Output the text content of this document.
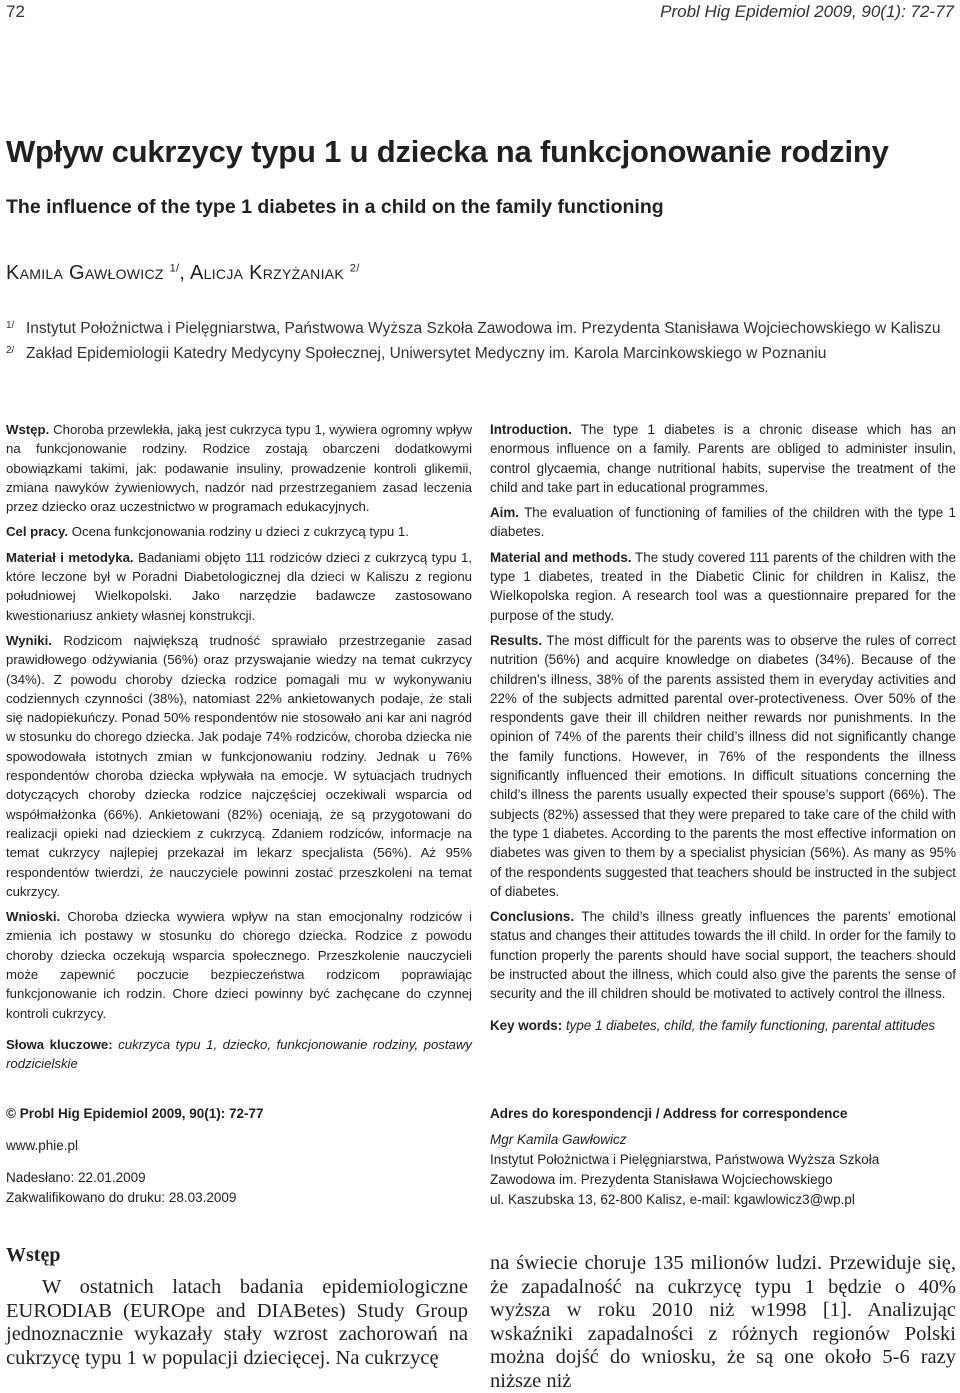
72	Probl Hig Epidemiol 2009, 90(1): 72-77
Wpływ cukrzycy typu 1 u dziecka na funkcjonowanie rodziny
The influence of the type 1 diabetes in a child on the family functioning
Kamila Gawłowicz $^{1/}$, Alicja Krzyżaniak $^{2/}$
1/ Instytut Położnictwa i Pielęgniarstwa, Państwowa Wyższa Szkoła Zawodowa im. Prezydenta Stanisława Wojciechowskiego w Kaliszu
2/ Zakład Epidemiologii Katedry Medycyny Społecznej, Uniwersytet Medyczny im. Karola Marcinkowskiego w Poznaniu

Wstęp. Choroba przewlekła, jaką jest cukrzyca typu 1, wywiera ogromny wpływ na funkcjonowanie rodziny. Rodzice zostają obarczeni dodatkowymi obowiązkami takimi, jak: podawanie insuliny, prowadzenie kontroli glikemii, zmiana nawyków żywieniowych, nadzór nad przestrzeganiem zasad leczenia przez dziecko oraz uczestnictwo w programach edukacyjnych.

Cel pracy. Ocena funkcjonowania rodziny u dzieci z cukrzycą typu 1.

Materiał i metodyka. Badaniami objęto 111 rodziców dzieci z cukrzycą typu 1, które leczone był w Poradni Diabetologicznej dla dzieci w Kaliszu z regionu południowej Wielkopolski. Jako narzędzie badawcze zastosowano kwestionariusz ankiety własnej konstrukcji.

Wyniki. Rodzicom największą trudność sprawiało przestrzeganie zasad prawidłowego odżywiania (56%) oraz przyswajanie wiedzy na temat cukrzycy (34%). Z powodu choroby dziecka rodzice pomagali mu w wykonywaniu codziennych czynności (38%), natomiast 22% ankietowanych podaje, że stali się nadopiekuńczy. Ponad 50% respondentów nie stosowało ani kar ani nagród w stosunku do chorego dziecka. Jak podaje 74% rodziców, choroba dziecka nie spowodowała istotnych zmian w funkcjonowaniu rodziny. Jednak u 76% respondentów choroba dziecka wpływała na emocje. W sytuacjach trudnych dotyczących choroby dziecka rodzice najczęściej oczekiwali wsparcia od współmałżonka (66%). Ankietowani (82%) oceniają, że są przygotowani do realizacji opieki nad dzieckiem z cukrzycą. Zdaniem rodziców, informacje na temat cukrzycy najlepiej przekazał im lekarz specjalista (56%). Aż 95% respondentów twierdzi, że nauczyciele powinni zostać przeszkoleni na temat cukrzycy.

Wnioski. Choroba dziecka wywiera wpływ na stan emocjonalny rodziców i zmienia ich postawy w stosunku do chorego dziecka. Rodzice z powodu choroby dziecka oczekują wsparcia społecznego. Przeszkolenie nauczycieli może zapewnić poczucie bezpieczeństwa rodzicom poprawiając funkcjonowanie ich rodzin. Chore dzieci powinny być zachęcane do czynnej kontroli cukrzycy.

Słowa kluczowe: cukrzyca typu 1, dziecko, funkcjonowanie rodziny, postawy rodzicielskie

Introduction. The type 1 diabetes is a chronic disease which has an enormous influence on a family. Parents are obliged to administer insulin, control glycaemia, change nutritional habits, supervise the treatment of the child and take part in educational programmes.

Aim. The evaluation of functioning of families of the children with the type 1 diabetes.

Material and methods. The study covered 111 parents of the children with the type 1 diabetes, treated in the Diabetic Clinic for children in Kalisz, the Wielkopolska region. A research tool was a questionnaire prepared for the purpose of the study.

Results. The most difficult for the parents was to observe the rules of correct nutrition (56%) and acquire knowledge on diabetes (34%). Because of the children’s illness, 38% of the parents assisted them in everyday activities and 22% of the subjects admitted parental over-protectiveness. Over 50% of the respondents gave their ill children neither rewards nor punishments. In the opinion of 74% of the parents their child’s illness did not significantly change the family functions. However, in 76% of the respondents the illness significantly influenced their emotions. In difficult situations concerning the child’s illness the parents usually expected their spouse’s support (66%). The subjects (82%) assessed that they were prepared to take care of the child with the type 1 diabetes. According to the parents the most effective information on diabetes was given to them by a specialist physician (56%). As many as 95% of the respondents suggested that teachers should be instructed in the subject of diabetes.

Conclusions. The child’s illness greatly influences the parents’ emotional status and changes their attitudes towards the ill child. In order for the family to function properly the parents should have social support, the teachers should be instructed about the illness, which could also give the parents the sense of security and the ill children should be motivated to actively control the illness.

Key words: type 1 diabetes, child, the family functioning, parental attitudes

© Probl Hig Epidemiol 2009, 90(1): 72-77
www.phie.pl
Nadesłano: 22.01.2009
Zakwalifikowano do druku: 28.03.2009
Adres do korespondencji / Address for correspondence
Mgr Kamila Gawłowicz
Instytut Położnictwa i Pielęgniarstwa, Państwowa Wyższa Szkoła
Zawodowa im. Prezydenta Stanisława Wojciechowskiego
ul. Kaszubska 13, 62-800 Kalisz, e-mail: kgawlowicz3@wp.pl
Wstęp
W ostatnich latach badania epidemiologiczne EURODIAB (EUROpe and DIABetes) Study Group jednoznacznie wykazały stały wzrost zachorowań na cukrzycę typu 1 w populacji dziecięcej. Na cukrzycę
na świecie choruje 135 milionów ludzi. Przewiduje się, że zapadalność na cukrzycę typu 1 będzie o 40% wyższa w roku 2010 niż w1998 [1]. Analizując wskaźniki zapadalności z różnych regionów Polski można dojść do wniosku, że są one około 5-6 razy niższe niż
